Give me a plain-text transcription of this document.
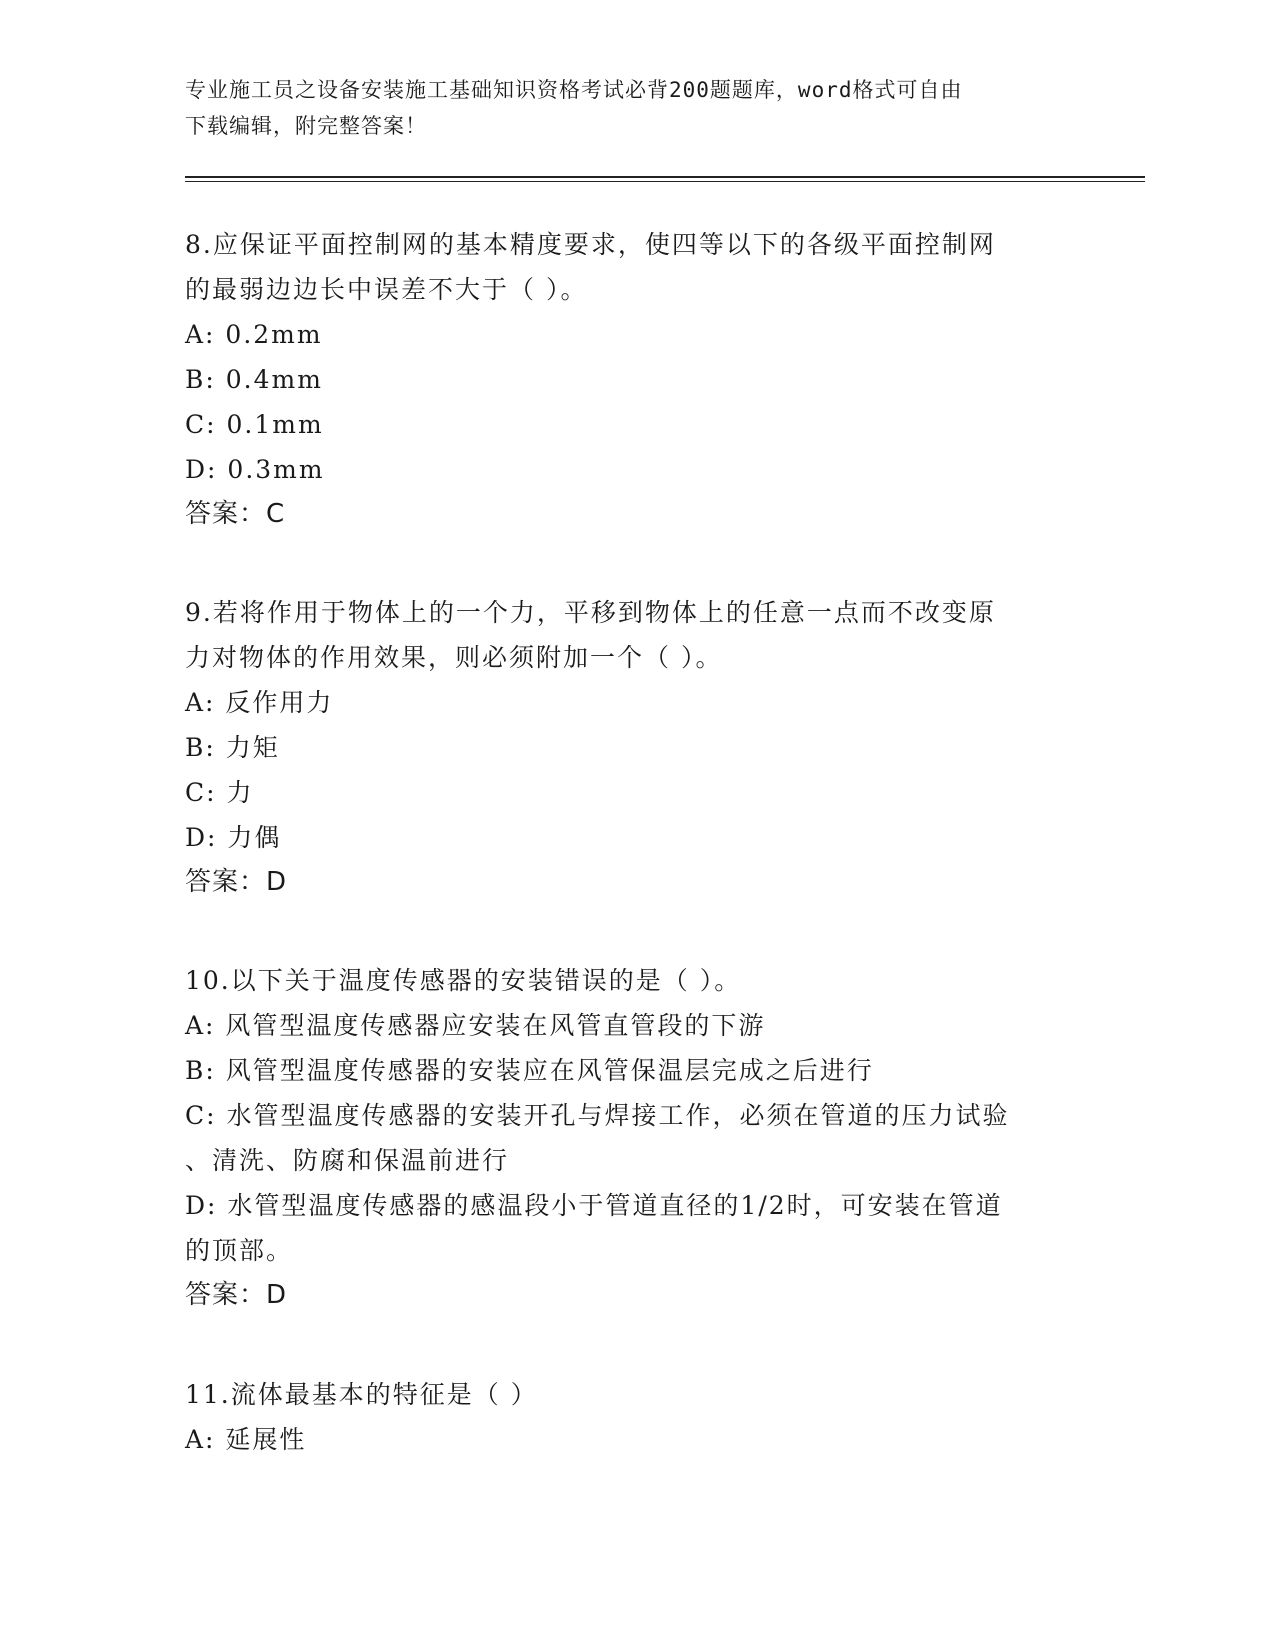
专业施工员之设备安装施工基础知识资格考试必背200题题库，word格式可自由
下载编辑，附完整答案！
8.应保证平面控制网的基本精度要求，使四等以下的各级平面控制网
的最弱边边长中误差不大于（ ）。
A: 0.2mm
B: 0.4mm
C: 0.1mm
D: 0.3mm
答案：C
9.若将作用于物体上的一个力，平移到物体上的任意一点而不改变原
力对物体的作用效果，则必须附加一个（ ）。
A: 反作用力
B: 力矩
C: 力
D: 力偶
答案：D
10.以下关于温度传感器的安装错误的是（ ）。
A: 风管型温度传感器应安装在风管直管段的下游
B: 风管型温度传感器的安装应在风管保温层完成之后进行
C: 水管型温度传感器的安装开孔与焊接工作，必须在管道的压力试验
、清洗、防腐和保温前进行
D: 水管型温度传感器的感温段小于管道直径的1/2时，可安装在管道
的顶部。
答案：D
11.流体最基本的特征是（ ）
A: 延展性
